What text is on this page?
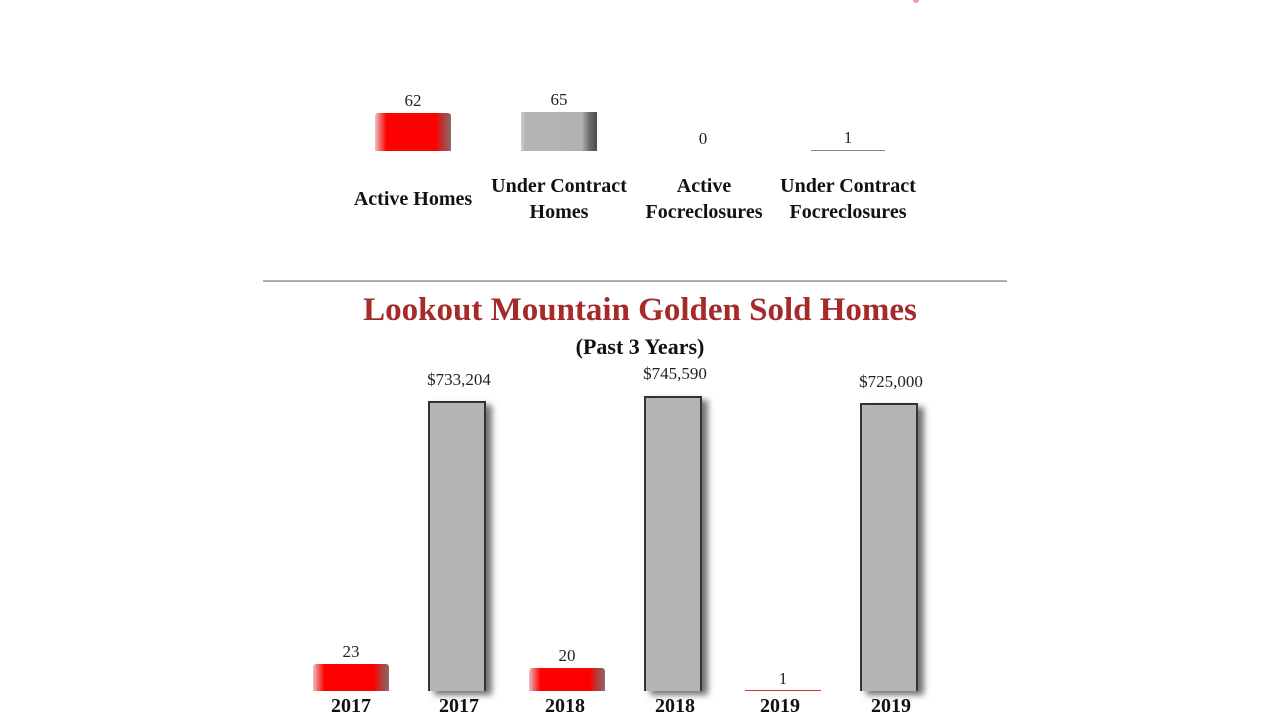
62	65
0	1
Active Homes
Under Contract
Homes
Active
Focreclosures
Under Contract
Focreclosures
Lookout Mountain Golden Sold Homes
(Past 3 Years)
23
$733,204
20
$745,590
1
$725,000
2017	2017	2018	2018	2019	2019
